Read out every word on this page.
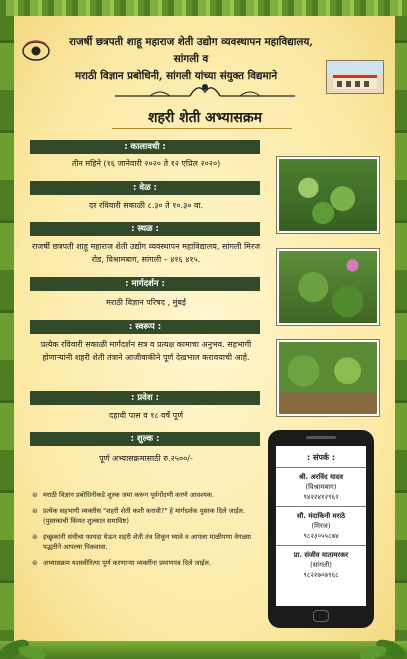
राजर्षी छत्रपती शाहू महाराज शेती उद्योग व्यवस्थापन महाविद्यालय, सांगली व
मराठी विज्ञान प्रबोधिनी, सांगली यांच्या संयुक्त विद्यमाने
शहरी शेती अभ्यासक्रम
: कालावधी :
तीन महिने (१६ जानेवारी २०२० ते १२ एप्रिल २०२०)
: वेळ :
दर रविवारी सकाळी ८.३० ते १०.३० वा.
: स्थळ :
राजर्षी छत्रपती शाहू महाराज शेती उद्योग व्यवस्थापन महाविद्यालय, सांगली मिरज रोड, विश्रामबाग, सांगली – ४१६ ४१५.
: मार्गदर्शन :
मराठी विज्ञान परिषद , मुंबई
: स्वरूप :
प्रत्येक रविवारी सकाळी मार्गदर्शन सत्र व प्रत्यक्ष कामाचा अनुभव. सहभागी होणाऱ्यांनी शहरी शेती तंत्राने आजीवाकीने पूर्ण देखभाल करावयाची आहे.
: प्रवेश :
दहावी पास व १८ वर्षे पूर्ण
: शुल्क :
पूर्ण अभ्यासक्रमासाठी रु.२५००/-
⊛ मराठी विज्ञान प्रबोधिनीकडे शुल्क जमा करून पूर्वनोंदणी करणे आवश्यक.
⊛ प्रत्येक सहभागी व्यक्तीस "शहरी शेती कशी करावी?" हे मार्गदर्शक पुस्तक दिले जाईल. (पुस्तकाची किंमत शुल्कात समाविष्ट)
⊛ इच्छुकांनी संधीचा फायदा घेऊन शहरी शेती तंत्र शिकून घ्यावे व आपला माळीपणा वेगळ्या पद्धतीने आपल्या पिकवावा.
⊛ अभ्यासक्रम यशस्वीरित्या पूर्ण करणाऱ्या व्यक्तींना प्रमाणपत्र दिले जाईल.
: संपर्क :
श्री. अरविंद यादव
(विश्रामबाग)
९४२२४१२९६२
सौ. मंदाकिनी मराठे
(मिरज)
९८२३०५५८७४
प्रा. संजीव मातामरकर
(सांगली)
९८२२७०७९६८
